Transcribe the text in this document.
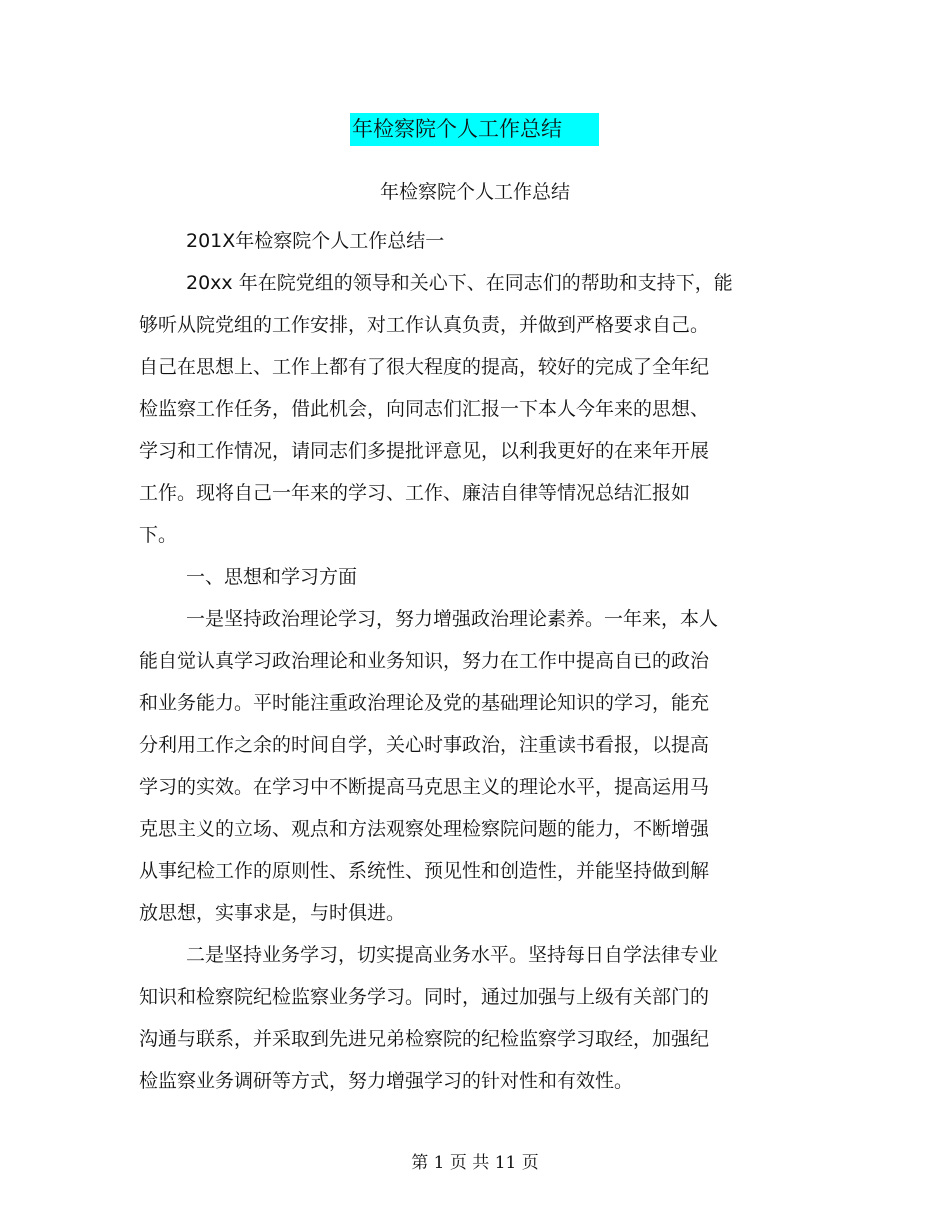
年检察院个人工作总结
年检察院个人工作总结
201X年检察院个人工作总结一
20xx 年在院党组的领导和关心下、在同志们的帮助和支持下，能
够听从院党组的工作安排，对工作认真负责，并做到严格要求自己。
自己在思想上、工作上都有了很大程度的提高，较好的完成了全年纪
检监察工作任务，借此机会，向同志们汇报一下本人今年来的思想、
学习和工作情况，请同志们多提批评意见，以利我更好的在来年开展
工作。现将自己一年来的学习、工作、廉洁自律等情况总结汇报如
下。
一、思想和学习方面
一是坚持政治理论学习，努力增强政治理论素养。一年来，本人
能自觉认真学习政治理论和业务知识，努力在工作中提高自已的政治
和业务能力。平时能注重政治理论及党的基础理论知识的学习，能充
分利用工作之余的时间自学，关心时事政治，注重读书看报，以提高
学习的实效。在学习中不断提高马克思主义的理论水平，提高运用马
克思主义的立场、观点和方法观察处理检察院问题的能力，不断增强
从事纪检工作的原则性、系统性、预见性和创造性，并能坚持做到解
放思想，实事求是，与时俱进。
二是坚持业务学习，切实提高业务水平。坚持每日自学法律专业
知识和检察院纪检监察业务学习。同时，通过加强与上级有关部门的
沟通与联系，并采取到先进兄弟检察院的纪检监察学习取经，加强纪
检监察业务调研等方式，努力增强学习的针对性和有效性。
第 1 页 共 11 页
